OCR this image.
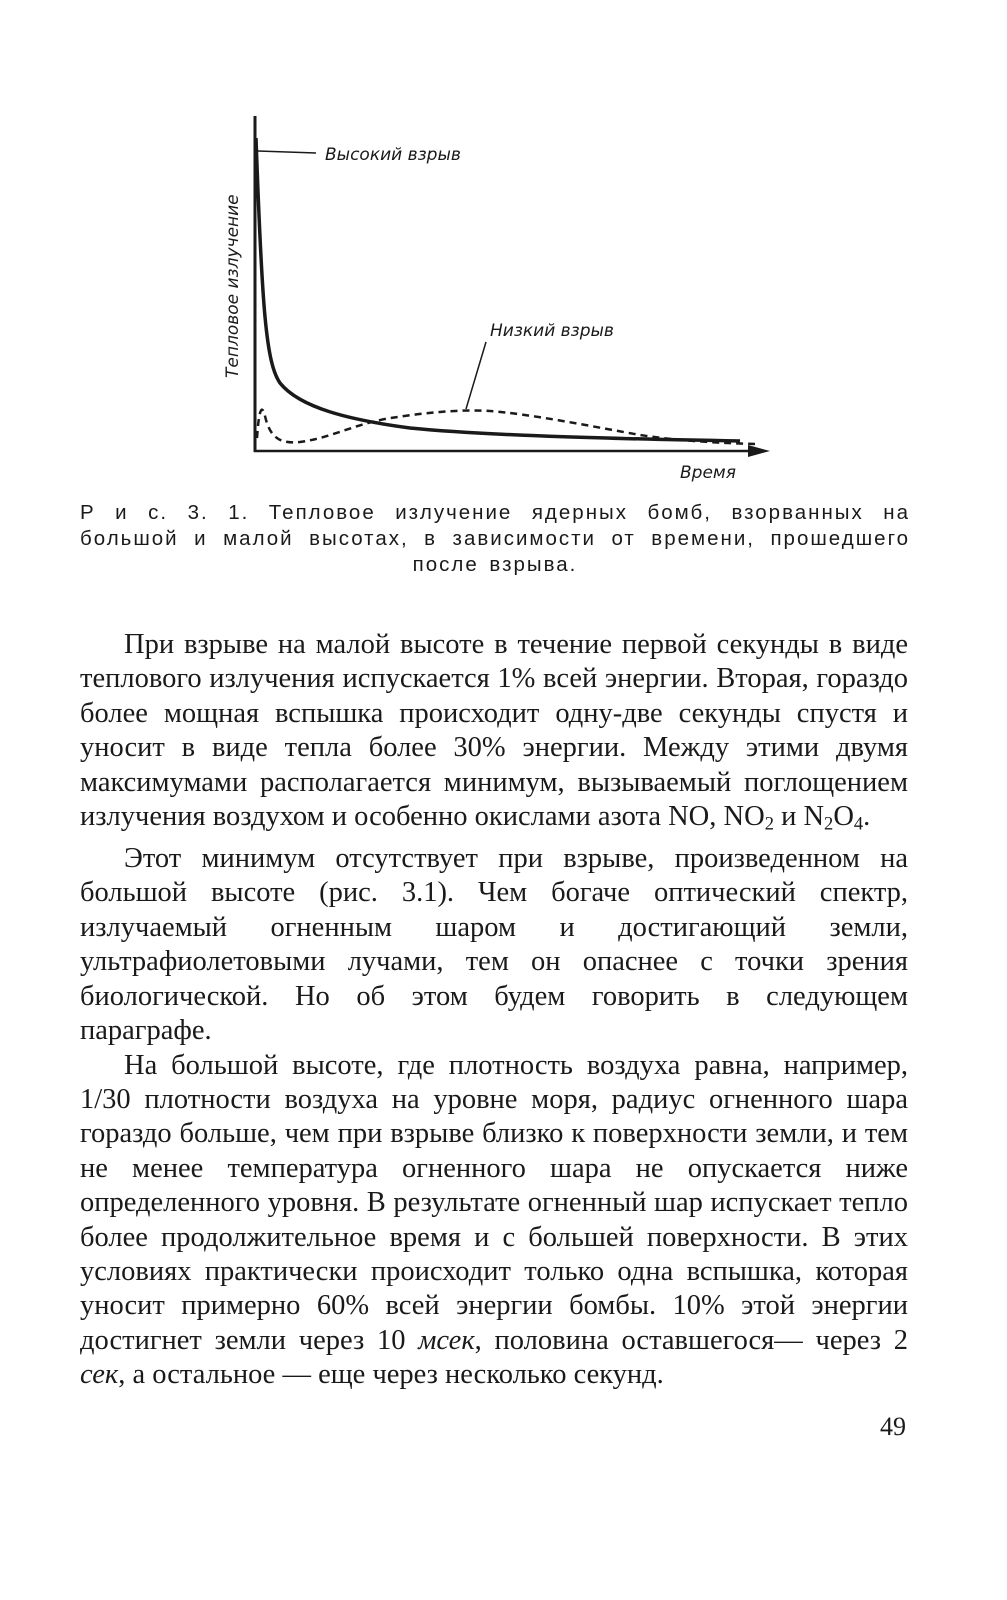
Высокий взрыв
Низкий взрыв
Время
Тепловое излучение
Р и с. 3. 1. Тепловое излучение ядерных бомб, взорванных на большой и малой высотах, в зависимости от времени, прошедшего после взрыва.

При взрыве на малой высоте в течение первой секунды в виде теплового излучения испускается 1% всей энергии. Вторая, гораздо более мощная вспышка происходит одну-две секунды спустя и уносит в виде тепла более 30% энергии. Между этими двумя максимумами располагается минимум, вызываемый поглощением излучения воздухом и особенно окислами азота NO, $NO_2$ и $N_2O_4$.

Этот минимум отсутствует при взрыве, произведенном на большой высоте (рис. 3.1). Чем богаче оптический спектр, излучаемый огненным шаром и достигающий земли, ультрафиолетовыми лучами, тем он опаснее с точки зрения биологической. Но об этом будем говорить в следующем параграфе.

На большой высоте, где плотность воздуха равна, например, 1/30 плотности воздуха на уровне моря, радиус огненного шара гораздо больше, чем при взрыве близко к поверхности земли, и тем не менее температура огненного шара не опускается ниже определенного уровня. В результате огненный шар испускает тепло более продолжительное время и с большей поверхности. В этих условиях практически происходит только одна вспышка, которая уносит примерно 60% всей энергии бомбы. 10% этой энергии достигнет земли через 10 мсек, половина оставшегося— через 2 сек, а остальное — еще через несколько секунд.

49
